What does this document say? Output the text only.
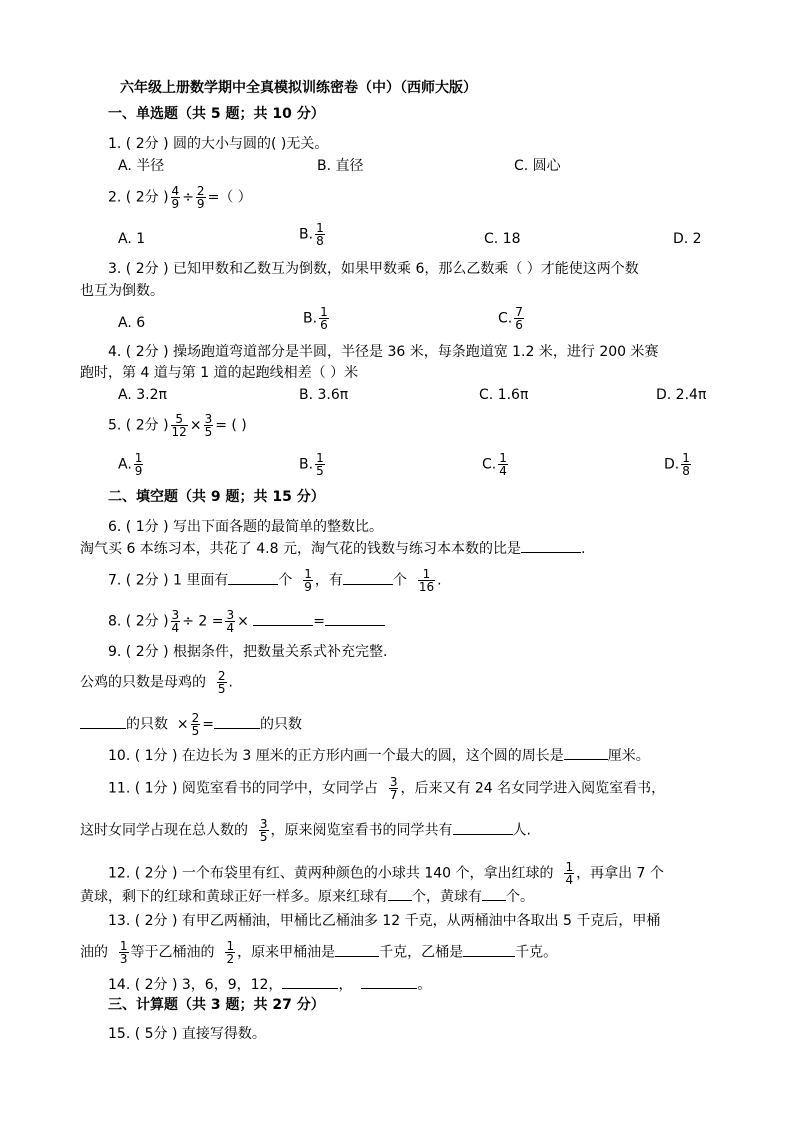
六年级上册数学期中全真模拟训练密卷（中）（西师大版）
一、单选题（共 5 题；共 10 分）
1. ( 2分 ) 圆的大小与圆的( )无关。
A. 半径	B. 直径	C. 圆心
2. ( 2分 ) $\frac{4}{9} \div \frac{2}{9}$ =（ ）
A. 1	B. $\frac{1}{8}$	C. 18	D. 2
3. ( 2分 ) 已知甲数和乙数互为倒数，如果甲数乘 6，那么乙数乘（ ）才能使这两个数
也互为倒数。
A. 6	B. $\frac{1}{6}$	C. $\frac{7}{6}$
4. ( 2分 ) 操场跑道弯道部分是半圆，半径是 36 米，每条跑道宽 1.2 米，进行 200 米赛
跑时，第 4 道与第 1 道的起跑线相差（ ）米
A. 3.2π	B. 3.6π	C. 1.6π	D. 2.4π
5. ( 2分 ) $\frac{5}{12} \times \frac{3}{5}$ = ( )
A. $\frac{1}{9}$	B. $\frac{1}{5}$	C. $\frac{1}{4}$	D. $\frac{1}{8}$
二、填空题（共 9 题；共 15 分）
6. ( 1分 ) 写出下面各题的最简单的整数比。
淘气买 6 本练习本，共花了 4.8 元，淘气花的钱数与练习本本数的比是	.
7. ( 2分 ) 1 里面有	个 $\frac{1}{9}$ ，有	个 $\frac{1}{16}$ .
8. ( 2分 ) $\frac{3}{4} \div 2 = \frac{3}{4}$ ×	=
9. ( 2分 ) 根据条件，把数量关系式补充完整.
公鸡的只数是母鸡的 $\frac{2}{5}$ .
的只数 × $\frac{2}{5}$ =	的只数
10. ( 1分 ) 在边长为 3 厘米的正方形内画一个最大的圆，这个圆的周长是	厘米。
11. ( 1分 ) 阅览室看书的同学中，女同学占 $\frac{3}{7}$ ，后来又有 24 名女同学进入阅览室看书，
这时女同学占现在总人数的 $\frac{3}{5}$ ，原来阅览室看书的同学共有	人.
12. ( 2分 ) 一个布袋里有红、黄两种颜色的小球共 140 个，拿出红球的 $\frac{1}{4}$ ，再拿出 7 个
黄球，剩下的红球和黄球正好一样多。原来红球有 个，黄球有 个。
13. ( 2分 ) 有甲乙两桶油，甲桶比乙桶油多 12 千克，从两桶油中各取出 5 千克后，甲桶
油的 $\frac{1}{3}$ 等于乙桶油的 $\frac{1}{2}$ ，原来甲桶油是	千克，乙桶是	千克。
14. ( 2分 ) 3，6，9，12，	，	。
三、计算题（共 3 题；共 27 分）
15. ( 5分 ) 直接写得数。
